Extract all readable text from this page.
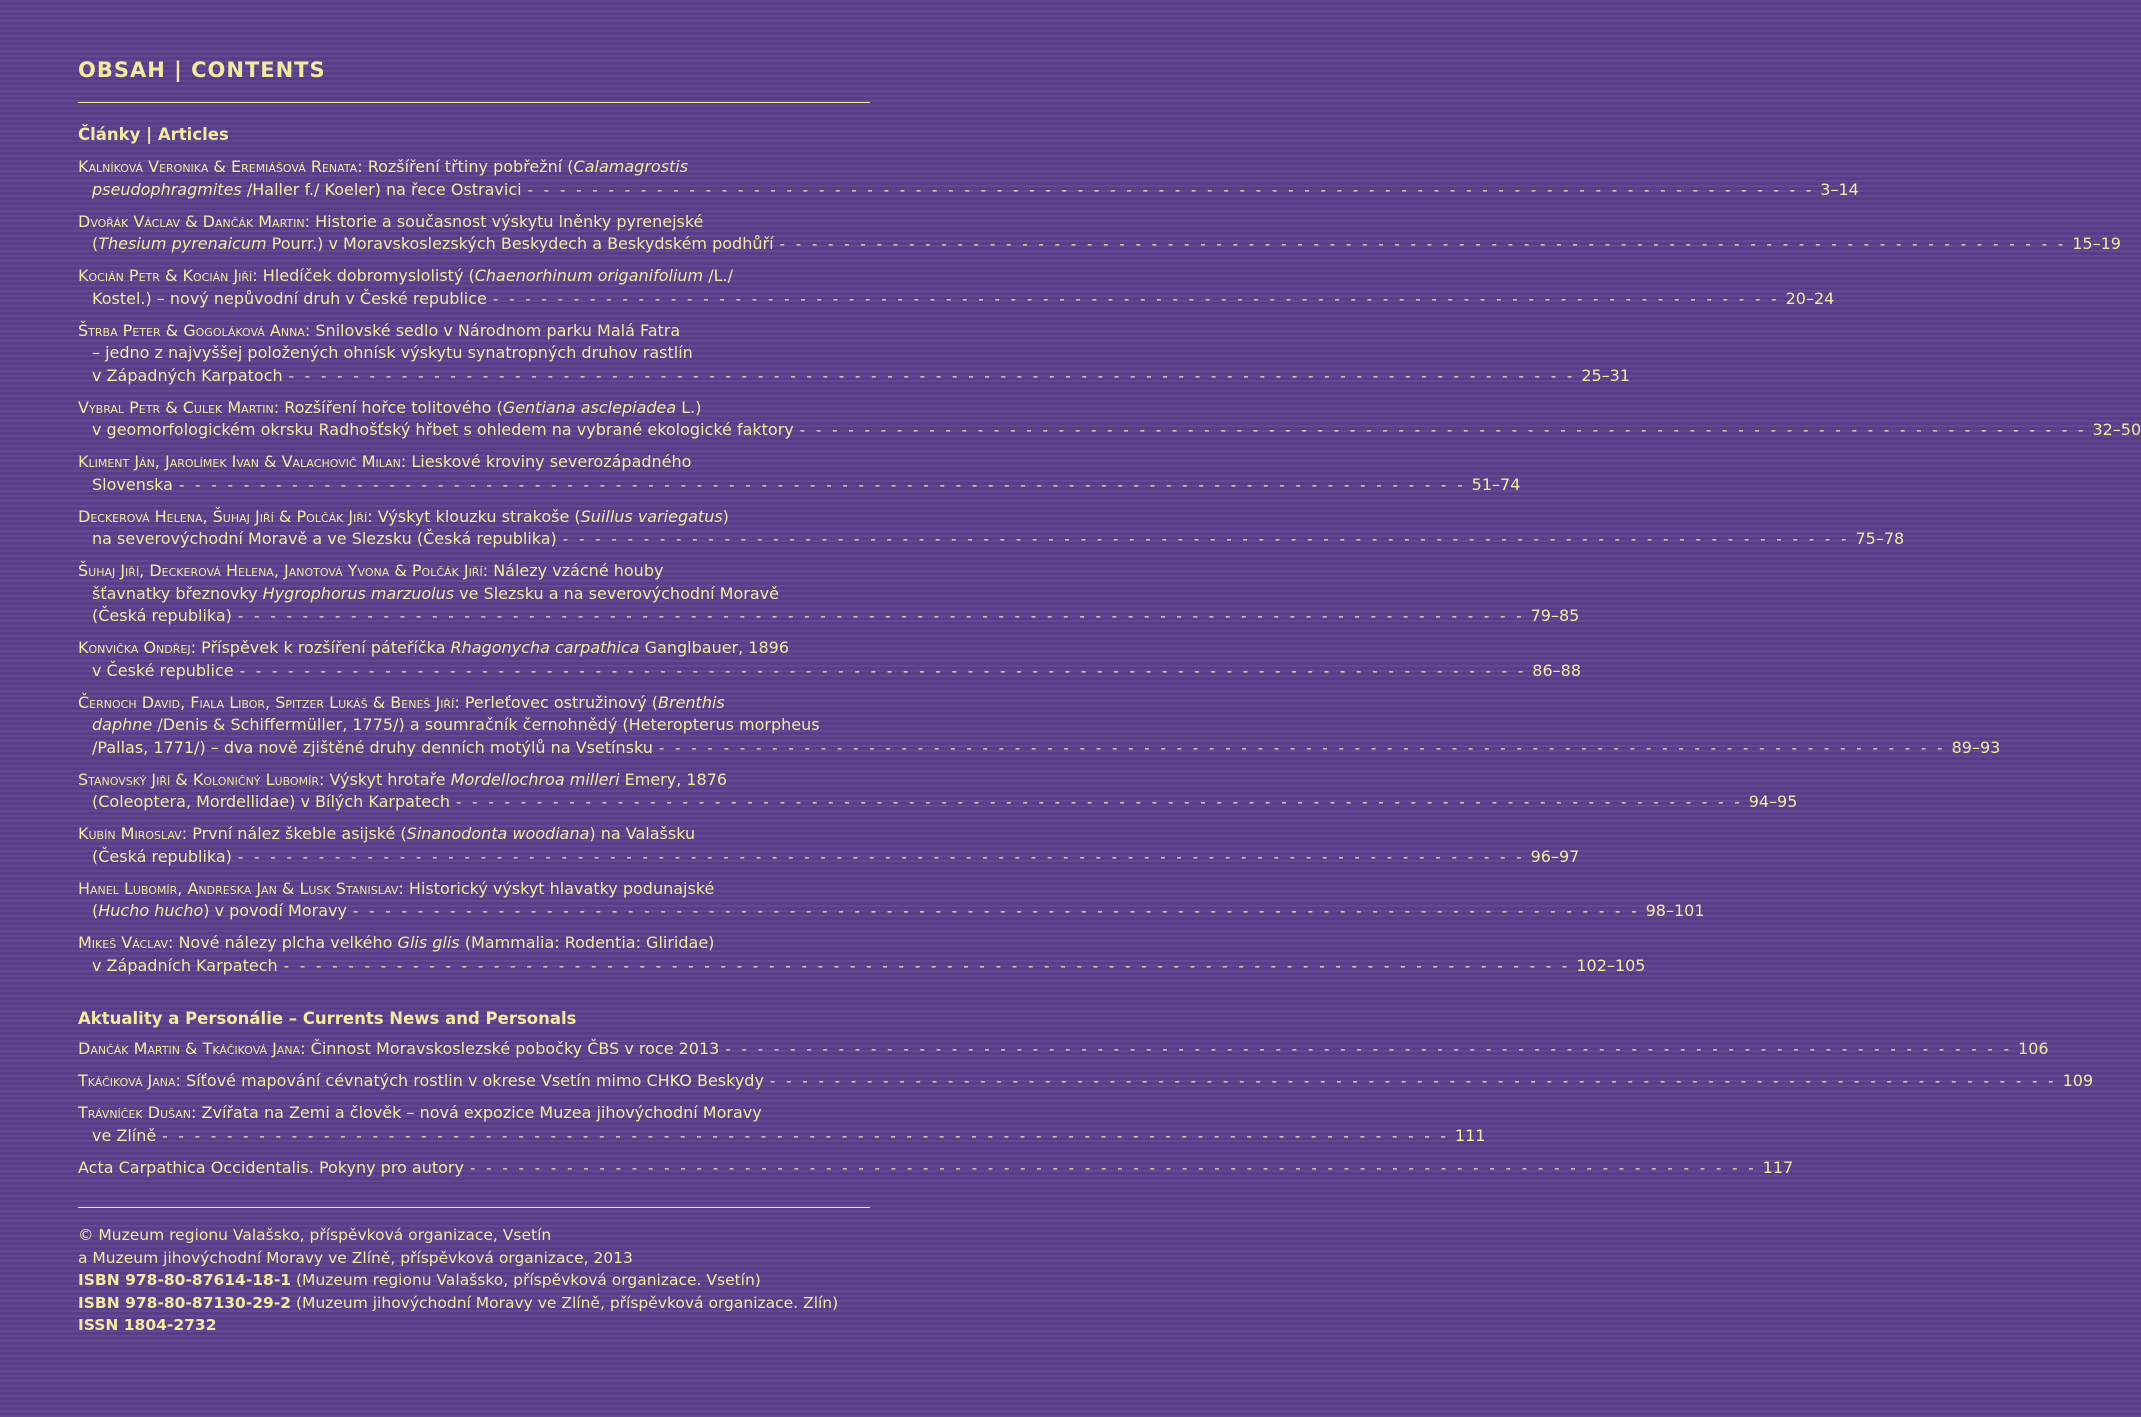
OBSAH | CONTENTS
Články | Articles
Kalníková Veronika & Eremiášová Renata: Rozšíření třtiny pobřežní (Calamagrostis
pseudophragmites /Haller f./ Koeler) na řece Ostravici - - - - - - - - - - - - - - - - - - - - - - - - - - - - - - - - - - - - - - - - - - - - - - - - - - - - - - - - - - - - - - - - - - - - - - - - - - - - - - - - 3–14
Dvořák Václav & Dančák Martin: Historie a současnost výskytu lněnky pyrenejské
(Thesium pyrenaicum Pourr.) v Moravskoslezských Beskydech a Beskydském podhůří - - - - - - - - - - - - - - - - - - - - - - - - - - - - - - - - - - - - - - - - - - - - - - - - - - - - - - - - - - - - - - - - - - - - - - - - - - - - - - - - 15–19
Kocián Petr & Kocián Jiří: Hledíček dobromyslolistý (Chaenorhinum origanifolium /L./
Kostel.) – nový nepůvodní druh v České republice - - - - - - - - - - - - - - - - - - - - - - - - - - - - - - - - - - - - - - - - - - - - - - - - - - - - - - - - - - - - - - - - - - - - - - - - - - - - - - - - 20–24
Štrba Peter & Gogoláková Anna: Snilovské sedlo v Národnom parku Malá Fatra
– jedno z najvyššej položených ohnísk výskytu synatropných druhov rastlín
v Západných Karpatoch - - - - - - - - - - - - - - - - - - - - - - - - - - - - - - - - - - - - - - - - - - - - - - - - - - - - - - - - - - - - - - - - - - - - - - - - - - - - - - - - 25–31
Vybral Petr & Culek Martin: Rozšíření hořce tolitového (Gentiana asclepiadea L.)
v geomorfologickém okrsku Radhošťský hřbet s ohledem na vybrané ekologické faktory - - - - - - - - - - - - - - - - - - - - - - - - - - - - - - - - - - - - - - - - - - - - - - - - - - - - - - - - - - - - - - - - - - - - - - - - - - - - - - - - 32–50
Kliment Ján, Jarolímek Ivan & Valachovič Milan: Lieskové kroviny severozápadného
Slovenska - - - - - - - - - - - - - - - - - - - - - - - - - - - - - - - - - - - - - - - - - - - - - - - - - - - - - - - - - - - - - - - - - - - - - - - - - - - - - - - - 51–74
Deckerová Helena, Šuhaj Jiří & Polčák Jiří: Výskyt klouzku strakoše (Suillus variegatus)
na severovýchodní Moravě a ve Slezsku (Česká republika) - - - - - - - - - - - - - - - - - - - - - - - - - - - - - - - - - - - - - - - - - - - - - - - - - - - - - - - - - - - - - - - - - - - - - - - - - - - - - - - - 75–78
Šuhaj Jiří, Deckerová Helena, Janotová Yvona & Polčák Jiří: Nálezy vzácné houby
šťavnatky březnovky Hygrophorus marzuolus ve Slezsku a na severovýchodní Moravě
(Česká republika) - - - - - - - - - - - - - - - - - - - - - - - - - - - - - - - - - - - - - - - - - - - - - - - - - - - - - - - - - - - - - - - - - - - - - - - - - - - - - - - - 79–85
Konvička Ondřej: Příspěvek k rozšíření páteříčka Rhagonycha carpathica Ganglbauer, 1896
v České republice - - - - - - - - - - - - - - - - - - - - - - - - - - - - - - - - - - - - - - - - - - - - - - - - - - - - - - - - - - - - - - - - - - - - - - - - - - - - - - - - 86–88
Černoch David, Fiala Libor, Spitzer Lukáš & Beneš Jiří: Perleťovec ostružinový (Brenthis
daphne /Denis & Schiffermüller, 1775/) a soumračník černohnědý (Heteropterus morpheus
/Pallas, 1771/) – dva nově zjištěné druhy denních motýlů na Vsetínsku - - - - - - - - - - - - - - - - - - - - - - - - - - - - - - - - - - - - - - - - - - - - - - - - - - - - - - - - - - - - - - - - - - - - - - - - - - - - - - - - 89–93
Stanovský Jiří & Koloničný Lubomír: Výskyt hrotaře Mordellochroa milleri Emery, 1876
(Coleoptera, Mordellidae) v Bílých Karpatech - - - - - - - - - - - - - - - - - - - - - - - - - - - - - - - - - - - - - - - - - - - - - - - - - - - - - - - - - - - - - - - - - - - - - - - - - - - - - - - - 94–95
Kubín Miroslav: První nález škeble asijské (Sinanodonta woodiana) na Valašsku
(Česká republika) - - - - - - - - - - - - - - - - - - - - - - - - - - - - - - - - - - - - - - - - - - - - - - - - - - - - - - - - - - - - - - - - - - - - - - - - - - - - - - - - 96–97
Hanel Lubomír, Andreska Jan & Lusk Stanislav: Historický výskyt hlavatky podunajské
(Hucho hucho) v povodí Moravy - - - - - - - - - - - - - - - - - - - - - - - - - - - - - - - - - - - - - - - - - - - - - - - - - - - - - - - - - - - - - - - - - - - - - - - - - - - - - - - - 98–101
Mikeš Václav: Nové nálezy plcha velkého Glis glis (Mammalia: Rodentia: Gliridae)
v Západních Karpatech - - - - - - - - - - - - - - - - - - - - - - - - - - - - - - - - - - - - - - - - - - - - - - - - - - - - - - - - - - - - - - - - - - - - - - - - - - - - - - - - 102–105
Aktuality a Personálie – Currents News and Personals
Dančák Martin & Tkáčiková Jana: Činnost Moravskoslezské pobočky ČBS v roce 2013 - - - - - - - - - - - - - - - - - - - - - - - - - - - - - - - - - - - - - - - - - - - - - - - - - - - - - - - - - - - - - - - - - - - - - - - - - - - - - - - - 106
Tkáčiková Jana: Síťové mapování cévnatých rostlin v okrese Vsetín mimo CHKO Beskydy - - - - - - - - - - - - - - - - - - - - - - - - - - - - - - - - - - - - - - - - - - - - - - - - - - - - - - - - - - - - - - - - - - - - - - - - - - - - - - - - 109
Trávníček Dušan: Zvířata na Zemi a člověk – nová expozice Muzea jihovýchodní Moravy
ve Zlíně - - - - - - - - - - - - - - - - - - - - - - - - - - - - - - - - - - - - - - - - - - - - - - - - - - - - - - - - - - - - - - - - - - - - - - - - - - - - - - - - 111
Acta Carpathica Occidentalis. Pokyny pro autory - - - - - - - - - - - - - - - - - - - - - - - - - - - - - - - - - - - - - - - - - - - - - - - - - - - - - - - - - - - - - - - - - - - - - - - - - - - - - - - - 117
© Muzeum regionu Valašsko, příspěvková organizace, Vsetín
a Muzeum jihovýchodní Moravy ve Zlíně, příspěvková organizace, 2013
ISBN 978-80-87614-18-1 (Muzeum regionu Valašsko, příspěvková organizace. Vsetín)
ISBN 978-80-87130-29-2 (Muzeum jihovýchodní Moravy ve Zlíně, příspěvková organizace. Zlín)
ISSN 1804-2732
